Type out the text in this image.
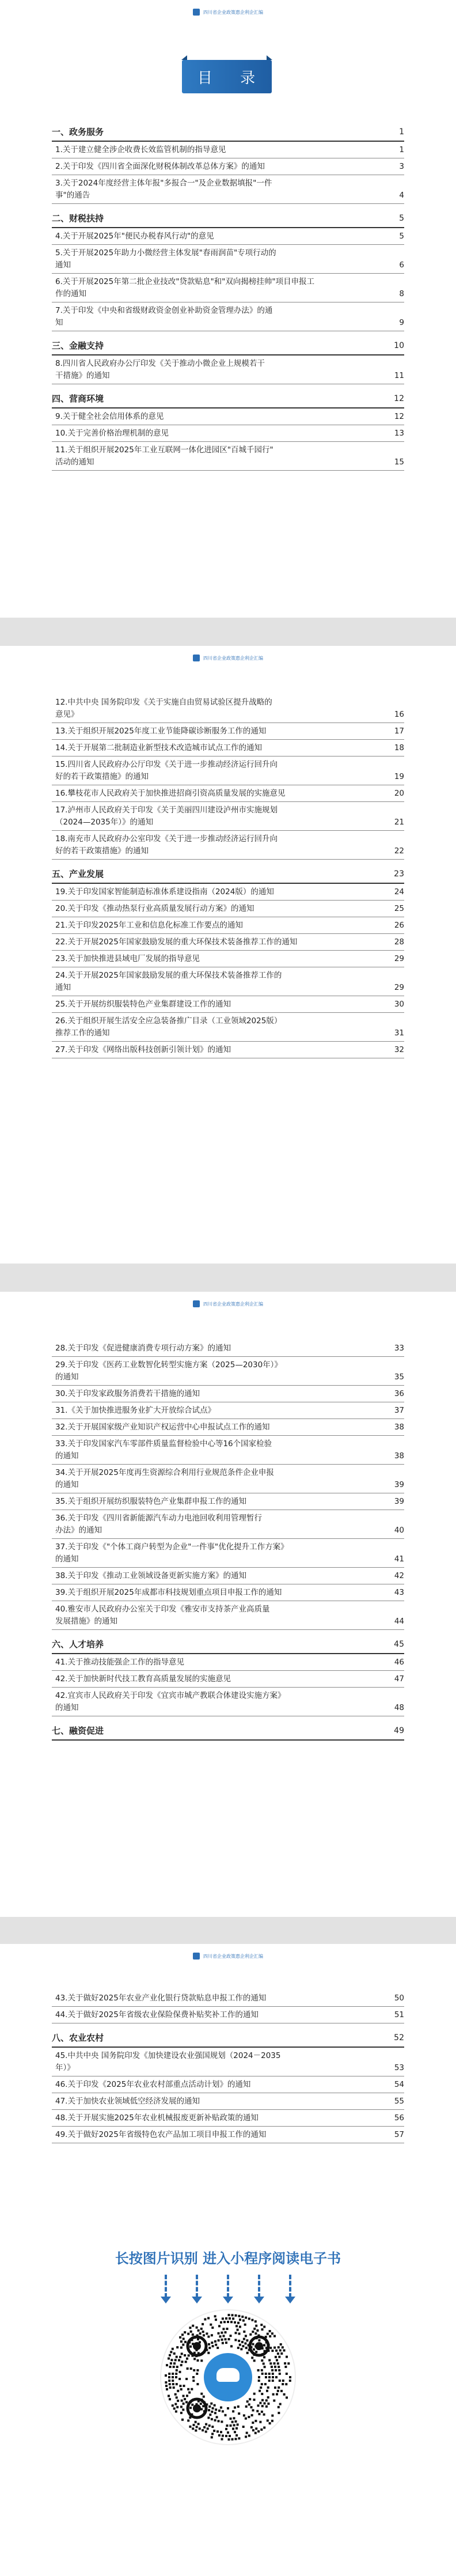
四川省企业政策惠企利企汇编
目 录
一、政务服务	1
1.关于建立健全涉企收费长效监管机制的指导意见	1
2.关于印发《四川省全面深化财税体制改革总体方案》的通知	3
3.关于2024年度经营主体年报"多报合一"及企业数据填报"一件
事"的通告	4
二、财税扶持	5
4.关于开展2025年"便民办税春风行动"的意见	5
5.关于开展2025年助力小微经营主体发展"春雨润苗"专项行动的
通知	6
6.关于开展2025年第二批企业技改"贷款贴息"和"双向揭榜挂帅"项目申报工
作的通知	8
7.关于印发《中央和省级财政资金创业补助资金管理办法》的通
知	9
三、金融支持	10
8.四川省人民政府办公厅印发《关于推动小微企业上规模若干
干措施》的通知	11
四、营商环境	12
9.关于健全社会信用体系的意见	12
10.关于完善价格治理机制的意见	13
11.关于组织开展2025年工业互联网一体化进园区"百城千园行"
活动的通知	15
四川省企业政策惠企利企汇编
12.中共中央 国务院印发《关于实施自由贸易试验区提升战略的
意见》	16
13.关于组织开展2025年度工业节能降碳诊断服务工作的通知	17
14.关于开展第二批制造业新型技术改造城市试点工作的通知	18
15.四川省人民政府办公厅印发《关于进一步推动经济运行回升向
好的若干政策措施》的通知	19
16.攀枝花市人民政府关于加快推进招商引资高质量发展的实施意见	20
17.泸州市人民政府关于印发《关于美丽四川建设泸州市实施规划
（2024—2035年）》的通知	21
18.南充市人民政府办公室印发《关于进一步推动经济运行回升向
好的若干政策措施》的通知	22
五、产业发展	23
19.关于印发国家智能制造标准体系建设指南（2024版）的通知	24
20.关于印发《推动热泵行业高质量发展行动方案》的通知	25
21.关于印发2025年工业和信息化标准工作要点的通知	26
22.关于开展2025年国家鼓励发展的重大环保技术装备推荐工作的通知	28
23.关于加快推进县域电厂发展的指导意见	29
24.关于开展2025年国家鼓励发展的重大环保技术装备推荐工作的
通知	29
25.关于开展纺织服装特色产业集群建设工作的通知	30
26.关于组织开展生活安全应急装备推广目录（工业领域2025版）
推荐工作的通知	31
27.关于印发《网络出版科技创新引领计划》的通知	32
四川省企业政策惠企利企汇编
28.关于印发《促进健康消费专项行动方案》的通知	33
29.关于印发《医药工业数智化转型实施方案（2025—2030年）》
的通知	35
30.关于印发家政服务消费若干措施的通知	36
31.《关于加快推进服务业扩大开放综合试点》	37
32.关于开展国家级产业知识产权运营中心申报试点工作的通知	38
33.关于印发国家汽车零部件质量监督检验中心等16个国家检验
的通知	38
34.关于开展2025年度再生资源综合利用行业规范条件企业申报
的通知	39
35.关于组织开展纺织服装特色产业集群申报工作的通知	39
36.关于印发《四川省新能源汽车动力电池回收利用管理暂行
办法》的通知	40
37.关于印发《"个体工商户转型为企业"一件事"优化提升工作方案》
的通知	41
38.关于印发《推动工业领域设备更新实施方案》的通知	42
39.关于组织开展2025年成都市科技规划重点项目申报工作的通知	43
40.雅安市人民政府办公室关于印发《雅安市支持茶产业高质量
发展措施》的通知	44
六、人才培养	45
41.关于推动技能强企工作的指导意见	46
42.关于加快新时代技工教育高质量发展的实施意见	47
42.宜宾市人民政府关于印发《宜宾市城产教联合体建设实施方案》
的通知	48
七、融资促进	49
四川省企业政策惠企利企汇编
43.关于做好2025年农业产业化银行贷款贴息申报工作的通知	50
44.关于做好2025年省级农业保险保费补贴奖补工作的通知	51
八、农业农村	52
45.中共中央 国务院印发《加快建设农业强国规划（2024－2035
年）》	53
46.关于印发《2025年农业农村部重点活动计划》的通知	54
47.关于加快农业领域低空经济发展的通知	55
48.关于开展实施2025年农业机械报废更新补贴政策的通知	56
49.关于做好2025年省级特色农产品加工项目申报工作的通知	57
长按图片识别 进入小程序阅读电子书
